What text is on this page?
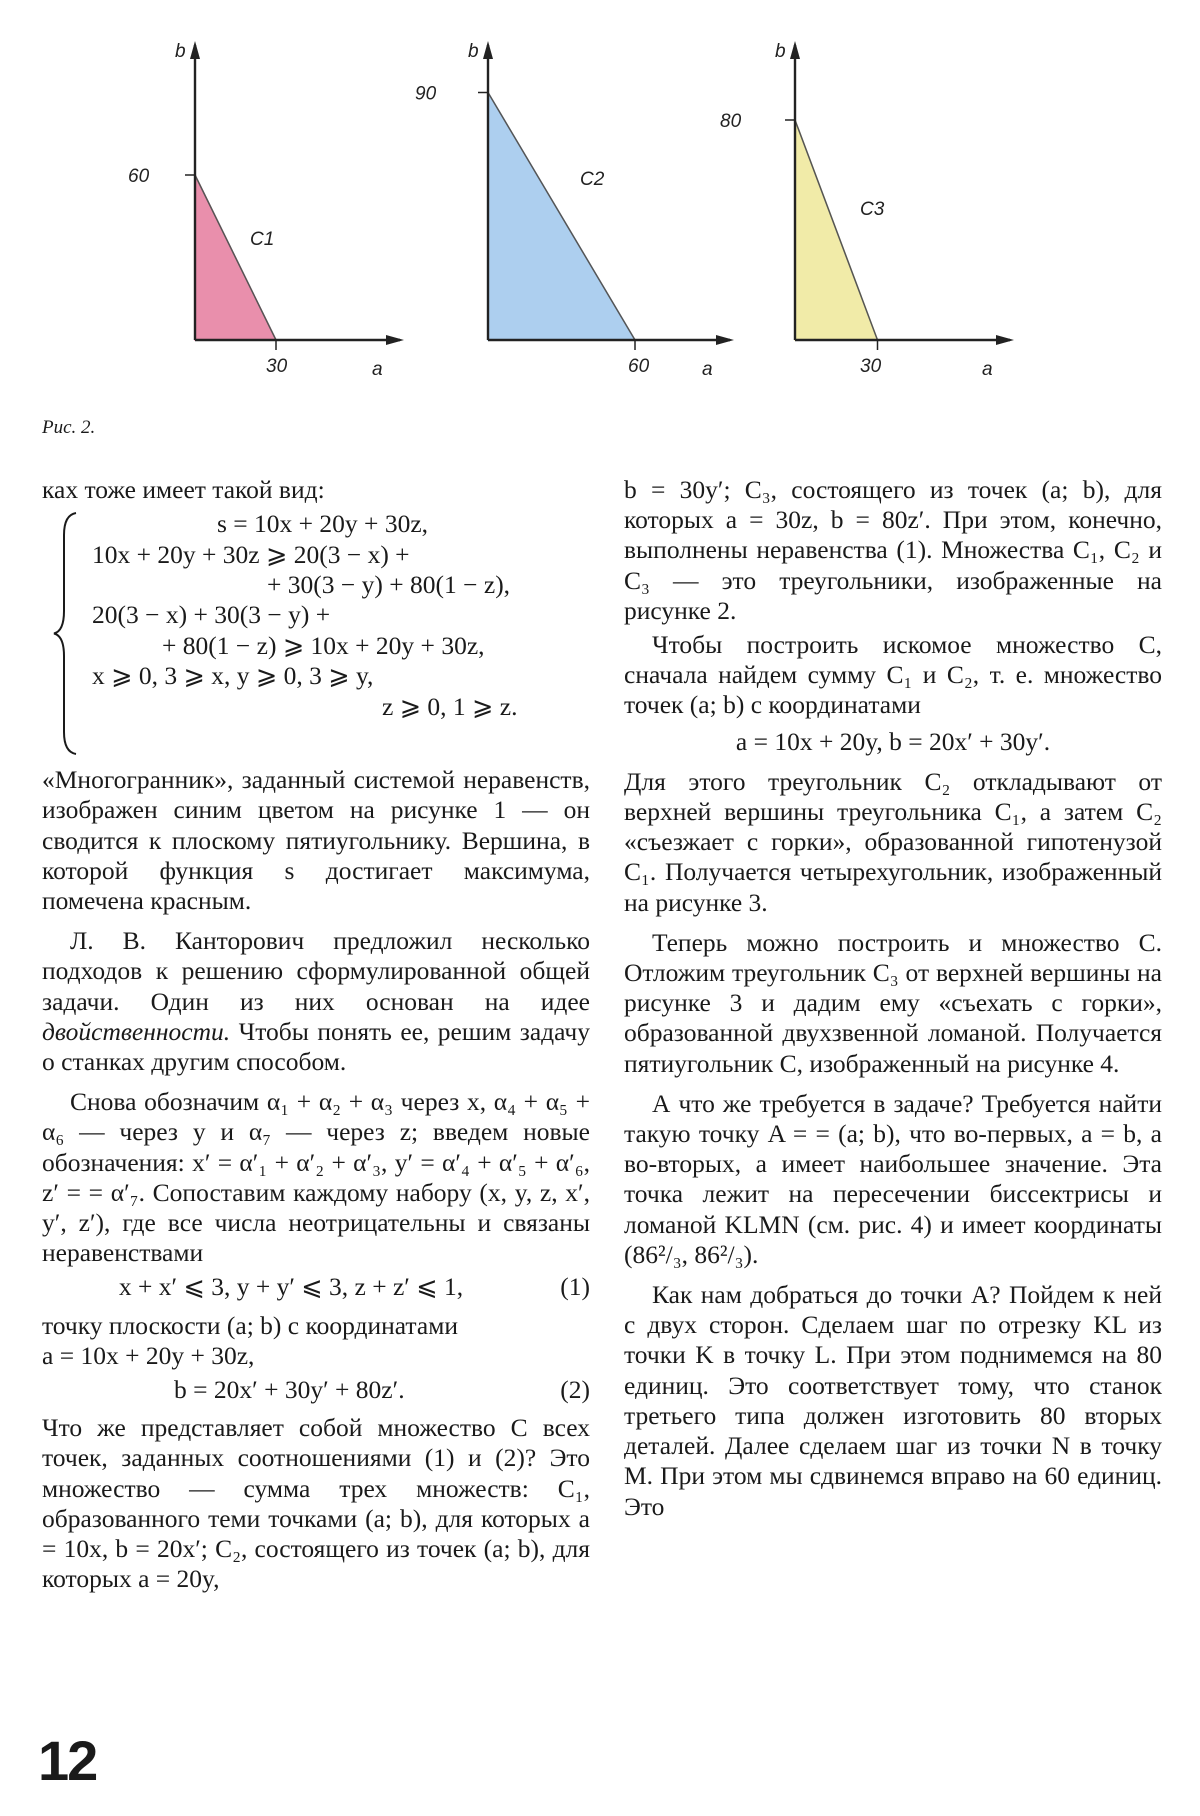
b
a
30
60
C1
b
a
60
90
C2
b
a
30
80
C3
Рис. 2.

ках тоже имеет такой вид:

s = 10x + 20y + 30z,
10x + 20y + 30z ⩾ 20(3 − x) +
+ 30(3 − y) + 80(1 − z),
20(3 − x) + 30(3 − y) +
+ 80(1 − z) ⩾ 10x + 20y + 30z,
x ⩾ 0, 3 ⩾ x, y ⩾ 0, 3 ⩾ y,
z ⩾ 0, 1 ⩾ z.

«Многогранник», заданный системой неравенств, изображен синим цветом на рисунке 1 — он сводится к плоскому пятиугольнику. Вершина, в которой функция s достигает максимума, помечена красным.

Л. В. Канторович предложил несколько подходов к решению сформулированной общей задачи. Один из них основан на идее двойственности. Чтобы понять ее, решим задачу о станках другим способом.

Снова обозначим α₁ + α₂ + α₃ через x, α₄ + α₅ + α₆ — через y и α₇ — через z; введем новые обозначения: x′ = α′₁ + α′₂ + α′₃, y′ = α′₄ + α′₅ + α′₆, z′ = = α′₇. Сопоставим каждому набору (x, y, z, x′, y′, z′), где все числа неотрицательны и связаны неравенствами

x + x′ ⩽ 3, y + y′ ⩽ 3, z + z′ ⩽ 1,	(1)

точку плоскости (a; b) с координатами

a = 10x + 20y + 30z,
b = 20x′ + 30y′ + 80z′.	(2)

Что же представляет собой множество C всех точек, заданных соотношениями (1) и (2)? Это множество — сумма трех множеств: C₁, образованного теми точками (a; b), для которых a = 10x, b = 20x′; C₂, состоящего из точек (a; b), для которых a = 20y,

b = 30y′; C₃, состоящего из точек (a; b), для которых a = 30z, b = 80z′. При этом, конечно, выполнены неравенства (1). Множества C₁, C₂ и C₃ — это треугольники, изображенные на рисунке 2.

Чтобы построить искомое множество C, сначала найдем сумму C₁ и C₂, т. е. множество точек (a; b) с координатами

a = 10x + 20y, b = 20x′ + 30y′.

Для этого треугольник C₂ откладывают от верхней вершины треугольника C₁, а затем C₂ «съезжает с горки», образованной гипотенузой C₁. Получается четырехугольник, изображенный на рисунке 3.

Теперь можно построить и множество C. Отложим треугольник C₃ от верхней вершины на рисунке 3 и дадим ему «съехать с горки», образованной двухзвенной ломаной. Получается пятиугольник C, изображенный на рисунке 4.

А что же требуется в задаче? Требуется найти такую точку A = = (a; b), что во-первых, a = b, а во-вторых, a имеет наибольшее значение. Эта точка лежит на пересечении биссектрисы и ломаной KLMN (см. рис. 4) и имеет координаты (86²/₃, 86²/₃).

Как нам добраться до точки A? Пойдем к ней с двух сторон. Сделаем шаг по отрезку KL из точки K в точку L. При этом поднимемся на 80 единиц. Это соответствует тому, что станок третьего типа должен изготовить 80 вторых деталей. Далее сделаем шаг из точки N в точку M. При этом мы сдвинемся вправо на 60 единиц. Это

12
